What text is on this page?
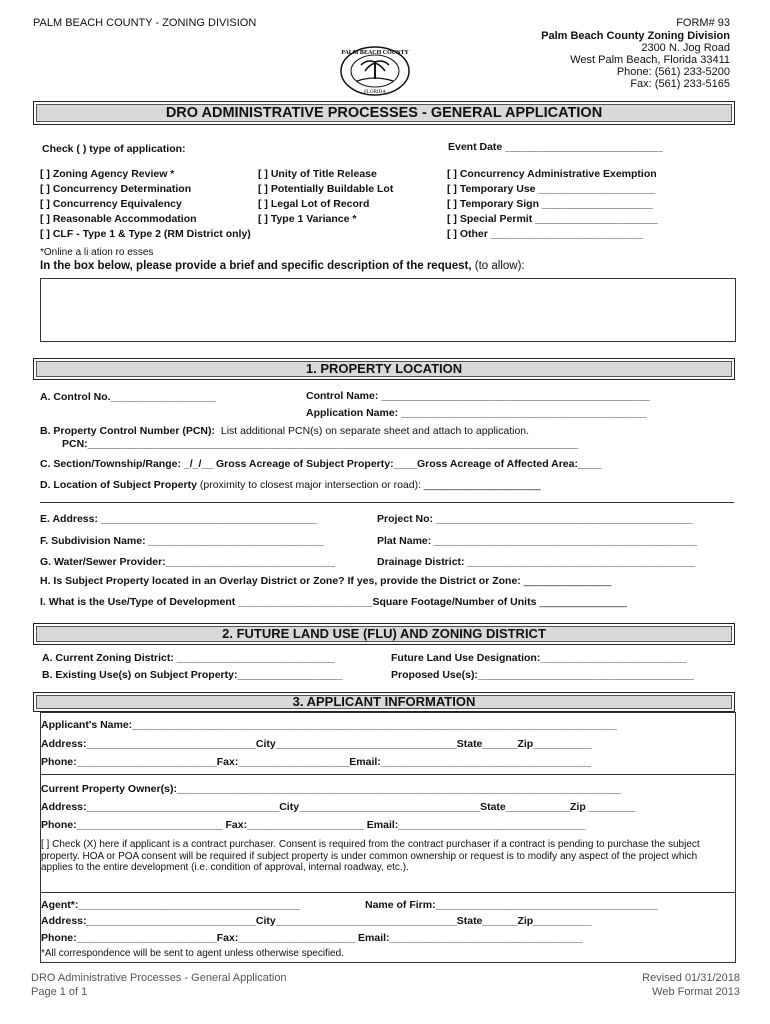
PALM BEACH COUNTY - ZONING DIVISION	FORM# 93
Palm Beach County Zoning Division
2300 N. Jog Road
West Palm Beach, Florida 33411
Phone: (561) 233-5200
Fax: (561) 233-5165
PALM BEACH COUNTY
FLORIDA
DRO ADMINISTRATIVE PROCESSES - GENERAL APPLICATION
Check ( ) type of application:	Event Date ___________________________
[ ] Zoning Agency Review *
[ ] Concurrency Determination
[ ] Concurrency Equivalency
[ ] Reasonable Accommodation
[ ] CLF - Type 1 & Type 2 (RM District only)
[ ] Unity of Title Release
[ ] Potentially Buildable Lot
[ ] Legal Lot of Record
[ ] Type 1 Variance *
[ ] Concurrency Administrative Exemption
[ ] Temporary Use ____________________
[ ] Temporary Sign ___________________
[ ] Special Permit _____________________
[ ] Other __________________________
*Online a li ation ro esses
In the box below, please provide a brief and specific description of the request, (to allow):
1. PROPERTY LOCATION
A. Control No.__________________	Control Name: ______________________________________________
Application Name: __________________________________________
B. Property Control Number (PCN): List additional PCN(s) on separate sheet and attach to application.
PCN:____________________________________________________________________________________
C. Section/Township/Range: _/_/__ Gross Acreage of Subject Property:____Gross Acreage of Affected Area:____
D. Location of Subject Property (proximity to closest major intersection or road): ____________________
E. Address: _____________________________________	Project No: ____________________________________________
F. Subdivision Name: ______________________________	Plat Name: _____________________________________________
G. Water/Sewer Provider:_____________________________	Drainage District: _______________________________________
H. Is Subject Property located in an Overlay District or Zone? If yes, provide the District or Zone: _______________
I. What is the Use/Type of Development _______________________Square Footage/Number of Units _______________
2. FUTURE LAND USE (FLU) AND ZONING DISTRICT
A. Current Zoning District: ___________________________	Future Land Use Designation:_________________________
B. Existing Use(s) on Subject Property:__________________	Proposed Use(s):_____________________________________
3. APPLICANT INFORMATION
Applicant's Name:___________________________________________________________________________________
Address:_____________________________City_______________________________State______Zip__________
Phone:________________________Fax:___________________Email:____________________________________
Current Property Owner(s):____________________________________________________________________________
Address:_________________________________City_______________________________State___________Zip ________
Phone:_________________________ Fax:____________________ Email:________________________________
[ ] Check (X) here if applicant is a contract purchaser. Consent is required from the contract purchaser if a contract is pending to purchase the subject property. HOA or POA consent will be required if subject property is under common ownership or request is to modify any aspect of the project which applies to the entire development (i.e. condition of approval, internal roadway, etc.).
Agent*:______________________________________	Name of Firm:______________________________________
Address:_____________________________City_______________________________State______Zip__________
Phone:________________________Fax:____________________ Email:_________________________________
*All correspondence will be sent to agent unless otherwise specified.
DRO Administrative Processes - General Application
Page 1 of 1
Revised 01/31/2018
Web Format 2013
